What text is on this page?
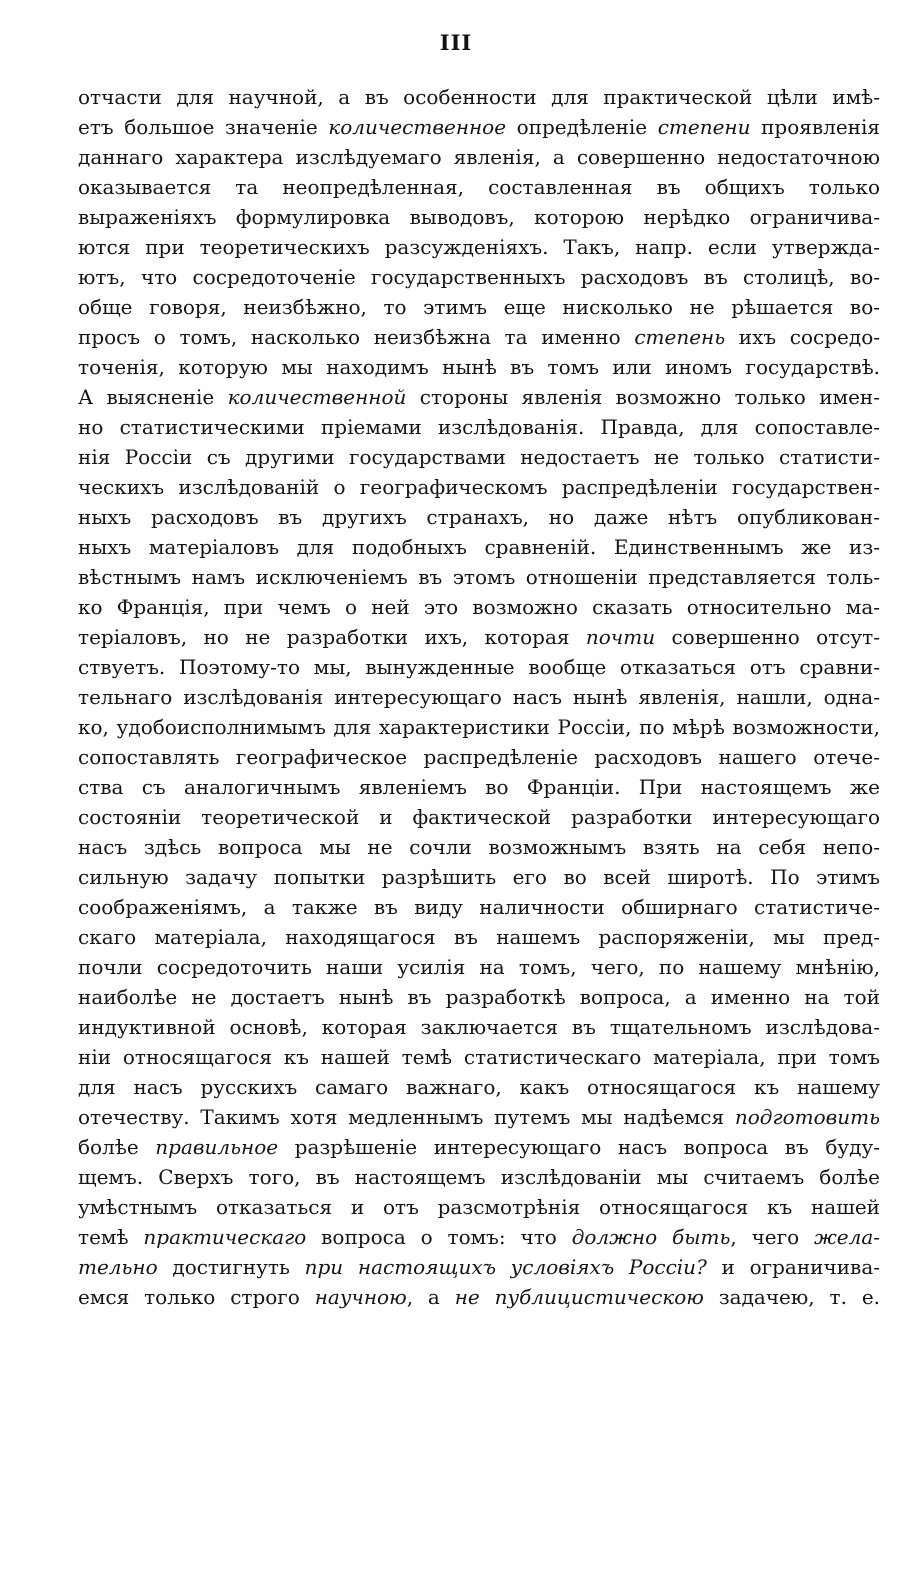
III
отчасти для научной, а въ особенности для практической цѣли имѣ-
етъ большое значеніе количественное опредѣленіе степени проявленія
даннаго характера изслѣдуемаго явленія, а совершенно недостаточною
оказывается та неопредѣленная, составленная въ общихъ только
выраженіяхъ формулировка выводовъ, которою нерѣдко ограничива-
ются при теоретическихъ разсужденіяхъ. Такъ, напр. если утвержда-
ютъ, что сосредоточеніе государственныхъ расходовъ въ столицѣ, во-
обще говоря, неизбѣжно, то этимъ еще нисколько не рѣшается во-
просъ о томъ, насколько неизбѣжна та именно степень ихъ сосредо-
точенія, которую мы находимъ нынѣ въ томъ или иномъ государствѣ.
А выясненіе количественной стороны явленія возможно только имен-
но статистическими пріемами изслѣдованія. Правда, для сопоставле-
нія Россіи съ другими государствами недостаетъ не только статисти-
ческихъ изслѣдованій о географическомъ распредѣленіи государствен-
ныхъ расходовъ въ другихъ странахъ, но даже нѣтъ опубликован-
ныхъ матеріаловъ для подобныхъ сравненій. Единственнымъ же из-
вѣстнымъ намъ исключеніемъ въ этомъ отношеніи представляется толь-
ко Франція, при чемъ о ней это возможно сказать относительно ма-
теріаловъ, но не разработки ихъ, которая почти совершенно отсут-
ствуетъ. Поэтому-то мы, вынужденные вообще отказаться отъ сравни-
тельнаго изслѣдованія интересующаго насъ нынѣ явленія, нашли, одна-
ко, удобоисполнимымъ для характеристики Россіи, по мѣрѣ возможности,
сопоставлять географическое распредѣленіе расходовъ нашего отече-
ства съ аналогичнымъ явленіемъ во Франціи. При настоящемъ же
состояніи теоретической и фактической разработки интересующаго
насъ здѣсь вопроса мы не сочли возможнымъ взять на себя непо-
сильную задачу попытки разрѣшить его во всей широтѣ. По этимъ
соображеніямъ, а также въ виду наличности обширнаго статистиче-
скаго матеріала, находящагося въ нашемъ распоряженіи, мы пред-
почли сосредоточить наши усилія на томъ, чего, по нашему мнѣнію,
наиболѣе не достаетъ нынѣ въ разработкѣ вопроса, а именно на той
индуктивной основѣ, которая заключается въ тщательномъ изслѣдова-
ніи относящагося къ нашей темѣ статистическаго матеріала, при томъ
для насъ русскихъ самаго важнаго, какъ относящагося къ нашему
отечеству. Такимъ хотя медленнымъ путемъ мы надѣемся подготовить
болѣе правильное разрѣшеніе интересующаго насъ вопроса въ буду-
щемъ. Сверхъ того, въ настоящемъ изслѣдованіи мы считаемъ болѣе
умѣстнымъ отказаться и отъ разсмотрѣнія относящагося къ нашей
темѣ практическаго вопроса о томъ: что должно быть, чего жела-
тельно достигнуть при настоящихъ условіяхъ Россіи? и ограничива-
емся только строго научною, а не публицистическою задачею, т. е.
